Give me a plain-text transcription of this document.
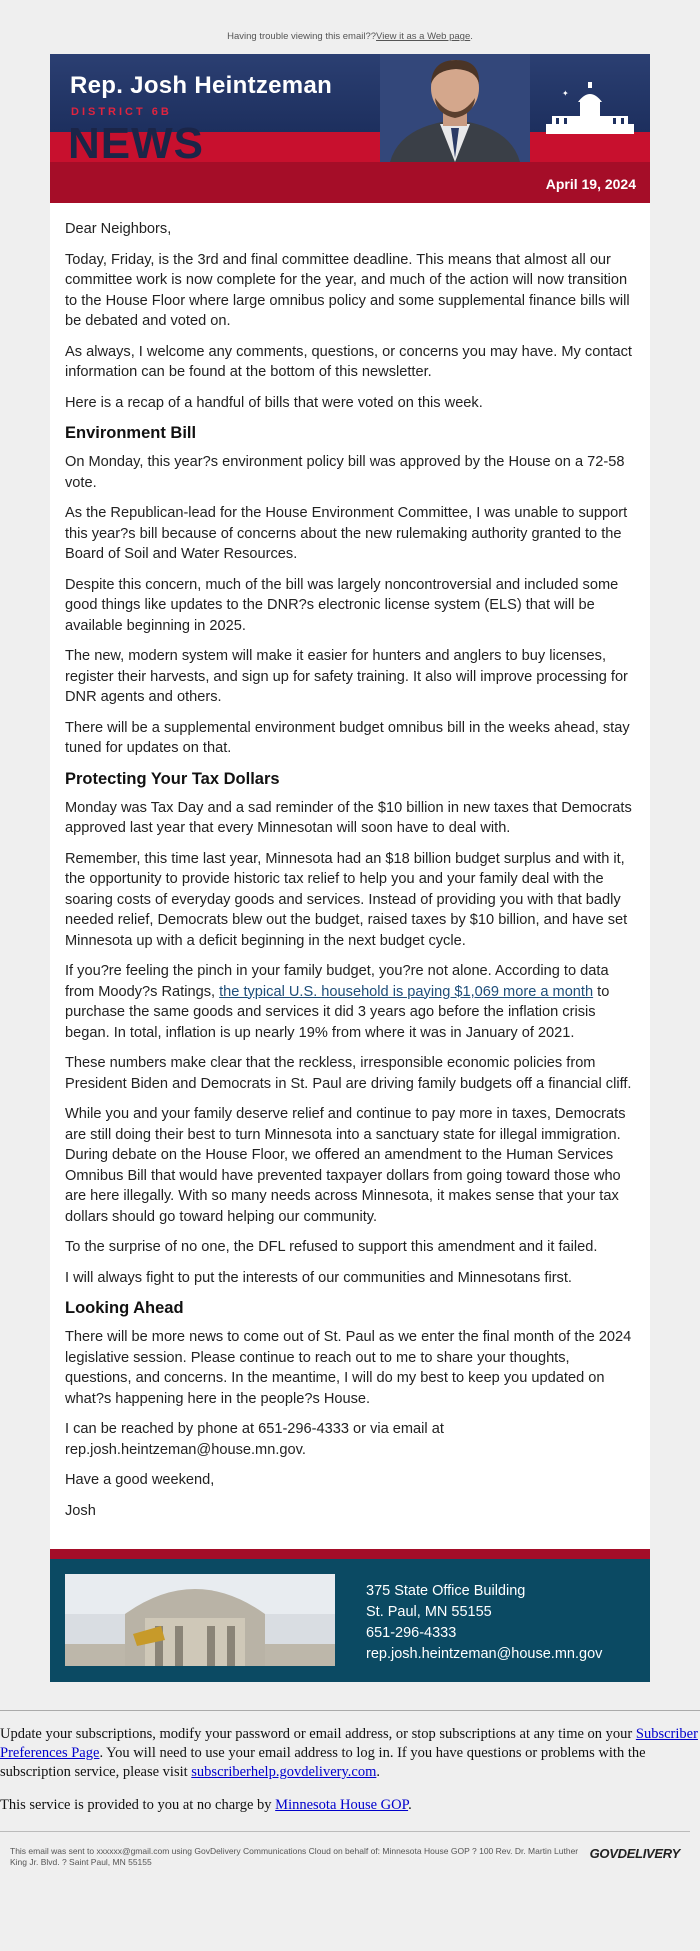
Having trouble viewing this email??View it as a Web page.
Rep. Josh Heintzeman
DISTRICT 6B
NEWS
✦
April 19, 2024

Dear Neighbors,

Today, Friday, is the 3rd and final committee deadline. This means that almost all our committee work is now complete for the year, and much of the action will now transition to the House Floor where large omnibus policy and some supplemental finance bills will be debated and voted on.

As always, I welcome any comments, questions, or concerns you may have. My contact information can be found at the bottom of this newsletter.

Here is a recap of a handful of bills that were voted on this week.

Environment Bill

On Monday, this year?s environment policy bill was approved by the House on a 72-58 vote.

As the Republican-lead for the House Environment Committee, I was unable to support this year?s bill because of concerns about the new rulemaking authority granted to the Board of Soil and Water Resources.

Despite this concern, much of the bill was largely noncontroversial and included some good things like updates to the DNR?s electronic license system (ELS) that will be available beginning in 2025.

The new, modern system will make it easier for hunters and anglers to buy licenses, register their harvests, and sign up for safety training. It also will improve processing for DNR agents and others.

There will be a supplemental environment budget omnibus bill in the weeks ahead, stay tuned for updates on that.

Protecting Your Tax Dollars

Monday was Tax Day and a sad reminder of the $10 billion in new taxes that Democrats approved last year that every Minnesotan will soon have to deal with.

Remember, this time last year, Minnesota had an $18 billion budget surplus and with it, the opportunity to provide historic tax relief to help you and your family deal with the soaring costs of everyday goods and services. Instead of providing you with that badly needed relief, Democrats blew out the budget, raised taxes by $10 billion, and have set Minnesota up with a deficit beginning in the next budget cycle.

If you?re feeling the pinch in your family budget, you?re not alone. According to data from Moody?s Ratings, the typical U.S. household is paying $1,069 more a month to purchase the same goods and services it did 3 years ago before the inflation crisis began. In total, inflation is up nearly 19% from where it was in January of 2021.

These numbers make clear that the reckless, irresponsible economic policies from President Biden and Democrats in St. Paul are driving family budgets off a financial cliff.

While you and your family deserve relief and continue to pay more in taxes, Democrats are still doing their best to turn Minnesota into a sanctuary state for illegal immigration. During debate on the House Floor, we offered an amendment to the Human Services Omnibus Bill that would have prevented taxpayer dollars from going toward those who are here illegally. With so many needs across Minnesota, it makes sense that your tax dollars should go toward helping our community.

To the surprise of no one, the DFL refused to support this amendment and it failed.

I will always fight to put the interests of our communities and Minnesotans first.

Looking Ahead

There will be more news to come out of St. Paul as we enter the final month of the 2024 legislative session. Please continue to reach out to me to share your thoughts, questions, and concerns. In the meantime, I will do my best to keep you updated on what?s happening here in the people?s House.

I can be reached by phone at 651-296-4333 or via email at rep.josh.heintzeman@house.mn.gov.

Have a good weekend,

Josh

375 State Office Building
St. Paul, MN 55155
651-296-4333
rep.josh.heintzeman@house.mn.gov

Update your subscriptions, modify your password or email address, or stop subscriptions at any time on your Subscriber Preferences Page. You will need to use your email address to log in. If you have questions or problems with the subscription service, please visit subscriberhelp.govdelivery.com.

This service is provided to you at no charge by Minnesota House GOP.

This email was sent to xxxxxx@gmail.com using GovDelivery Communications Cloud on behalf of: Minnesota House GOP ? 100 Rev. Dr. Martin Luther King Jr. Blvd. ? Saint Paul, MN 55155
GOVDELIVERY
